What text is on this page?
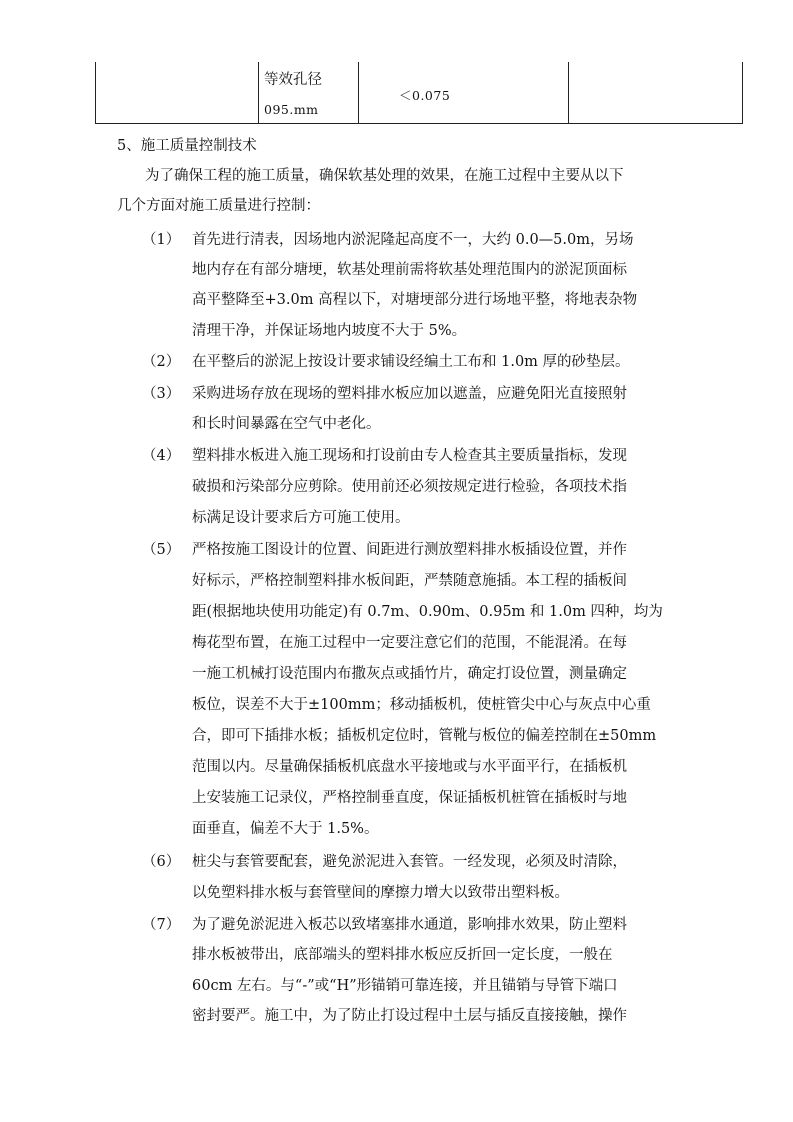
等效孔径
095.mm
＜0.075
5、施工质量控制技术
为了确保工程的施工质量，确保软基处理的效果，在施工过程中主要从以下
几个方面对施工质量进行控制：
（1） 首先进行清表，因场地内淤泥隆起高度不一，大约 0.0—5.0m，另场
地内存在有部分塘埂，软基处理前需将软基处理范围内的淤泥顶面标
高平整降至+3.0m 高程以下，对塘埂部分进行场地平整，将地表杂物
清理干净，并保证场地内坡度不大于 5%。
（2） 在平整后的淤泥上按设计要求铺设经编土工布和 1.0m 厚的砂垫层。
（3） 采购进场存放在现场的塑料排水板应加以遮盖，应避免阳光直接照射
和长时间暴露在空气中老化。
（4） 塑料排水板进入施工现场和打设前由专人检查其主要质量指标，发现
破损和污染部分应剪除。使用前还必须按规定进行检验，各项技术指
标满足设计要求后方可施工使用。
（5） 严格按施工图设计的位置、间距进行测放塑料排水板插设位置，并作
好标示，严格控制塑料排水板间距，严禁随意施插。本工程的插板间
距(根据地块使用功能定)有 0.7m、0.90m、0.95m 和 1.0m 四种，均为
梅花型布置，在施工过程中一定要注意它们的范围，不能混淆。在每
一施工机械打设范围内布撒灰点或插竹片，确定打设位置，测量确定
板位，误差不大于±100mm；移动插板机，使桩管尖中心与灰点中心重
合，即可下插排水板；插板机定位时，管靴与板位的偏差控制在±50mm
范围以内。尽量确保插板机底盘水平接地或与水平面平行，在插板机
上安装施工记录仪，严格控制垂直度，保证插板机桩管在插板时与地
面垂直，偏差不大于 1.5%。
（6） 桩尖与套管要配套，避免淤泥进入套管。一经发现，必须及时清除，
以免塑料排水板与套管壁间的摩擦力增大以致带出塑料板。
（7） 为了避免淤泥进入板芯以致堵塞排水通道，影响排水效果，防止塑料
排水板被带出，底部端头的塑料排水板应反折回一定长度，一般在
60cm 左右。与“-”或“H”形锚销可靠连接，并且锚销与导管下端口
密封要严。施工中，为了防止打设过程中土层与插反直接接触，操作
